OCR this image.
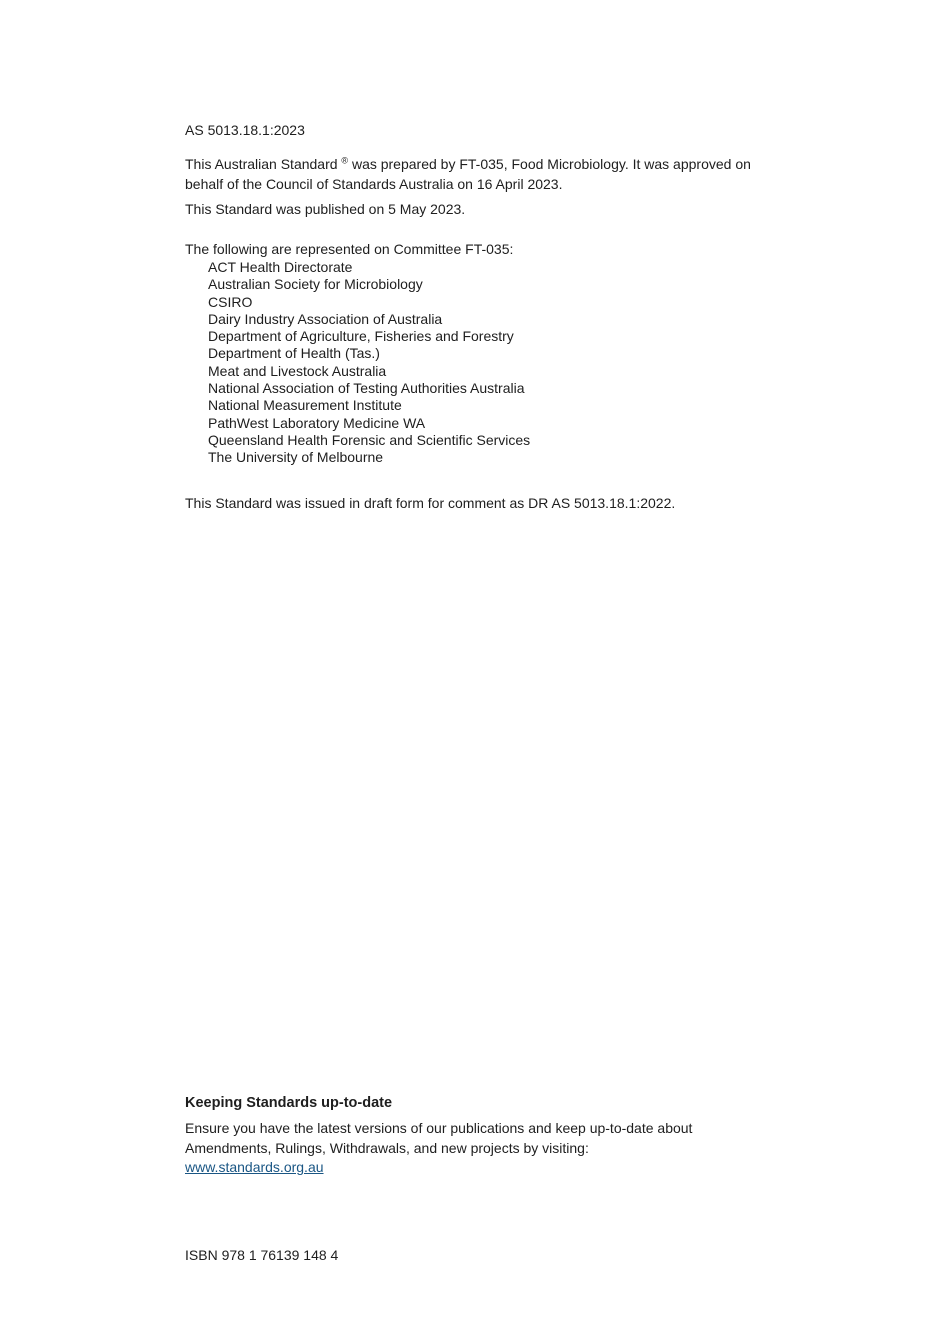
AS 5013.18.1:2023

This Australian Standard ® was prepared by FT-035, Food Microbiology. It was approved on behalf of the Council of Standards Australia on 16 April 2023.

This Standard was published on 5 May 2023.

The following are represented on Committee FT-035:

ACT Health Directorate
Australian Society for Microbiology
CSIRO
Dairy Industry Association of Australia
Department of Agriculture, Fisheries and Forestry
Department of Health (Tas.)
Meat and Livestock Australia
National Association of Testing Authorities Australia
National Measurement Institute
PathWest Laboratory Medicine WA
Queensland Health Forensic and Scientific Services
The University of Melbourne

This Standard was issued in draft form for comment as DR AS 5013.18.1:2022.

Keeping Standards up-to-date

Ensure you have the latest versions of our publications and keep up-to-date about Amendments, Rulings, Withdrawals, and new projects by visiting:

www.standards.org.au
ISBN 978 1 76139 148 4
